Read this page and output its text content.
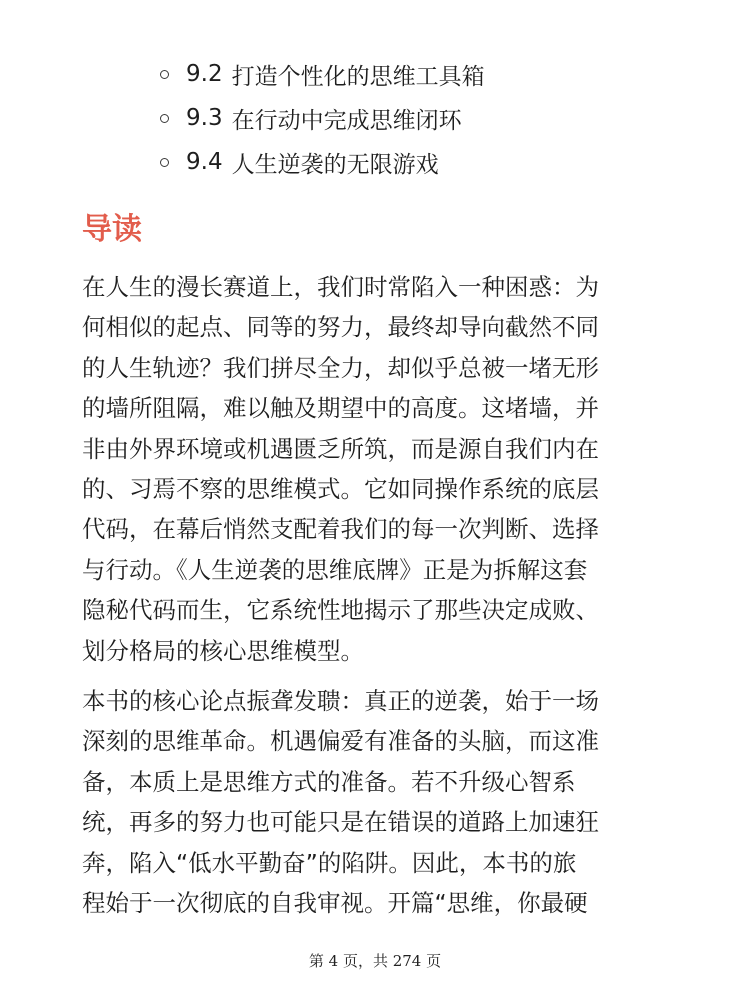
9.2 打造个性化的思维工具箱
9.3 在行动中完成思维闭环
9.4 人生逆袭的无限游戏
导读

在人生的漫长赛道上，我们时常陷入一种困惑：为
何相似的起点、同等的努力，最终却导向截然不同
的人生轨迹？我们拼尽全力，却似乎总被一堵无形
的墙所阻隔，难以触及期望中的高度。这堵墙，并
非由外界环境或机遇匮乏所筑，而是源自我们内在
的、习焉不察的思维模式。它如同操作系统的底层
代码，在幕后悄然支配着我们的每一次判断、选择
与行动。《人生逆袭的思维底牌》正是为拆解这套
隐秘代码而生，它系统性地揭示了那些决定成败、
划分格局的核心思维模型。

本书的核心论点振聋发聩：真正的逆袭，始于一场
深刻的思维革命。机遇偏爱有准备的头脑，而这准
备，本质上是思维方式的准备。若不升级心智系
统，再多的努力也可能只是在错误的道路上加速狂
奔，陷入“低水平勤奋”的陷阱。因此，本书的旅
程始于一次彻底的自我审视。开篇“思维，你最硬

第 4 页，共 274 页
